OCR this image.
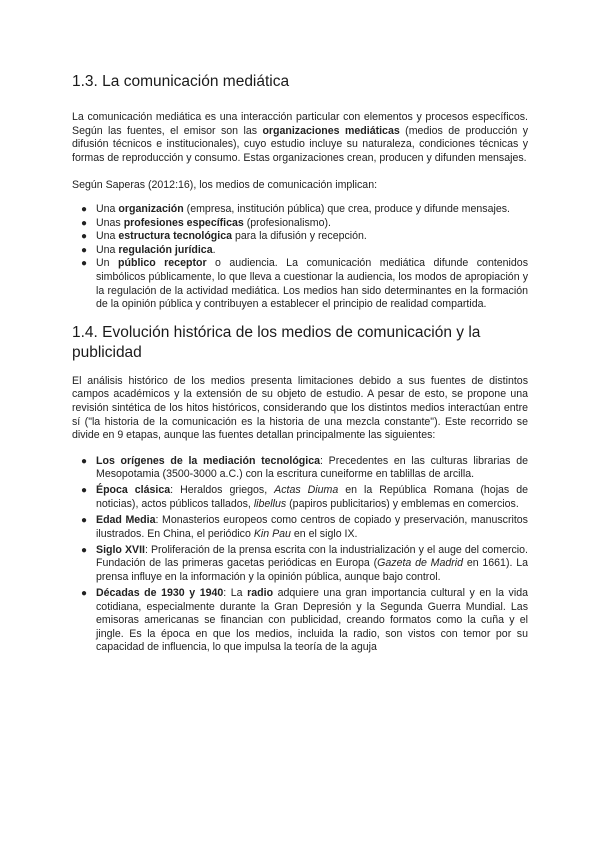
1.3. La comunicación mediática

La comunicación mediática es una interacción particular con elementos y procesos específicos. Según las fuentes, el emisor son las organizaciones mediáticas (medios de producción y difusión técnicos e institucionales), cuyo estudio incluye su naturaleza, condiciones técnicas y formas de reproducción y consumo. Estas organizaciones crean, producen y difunden mensajes.

Según Saperas (2012:16), los medios de comunicación implican:

● Una organización (empresa, institución pública) que crea, produce y difunde mensajes.
● Unas profesiones específicas (profesionalismo).
● Una estructura tecnológica para la difusión y recepción.
● Una regulación jurídica.
● Un público receptor o audiencia. La comunicación mediática difunde contenidos simbólicos públicamente, lo que lleva a cuestionar la audiencia, los modos de apropiación y la regulación de la actividad mediática. Los medios han sido determinantes en la formación de la opinión pública y contribuyen a establecer el principio de realidad compartida.
1.4. Evolución histórica de los medios de comunicación y la publicidad

El análisis histórico de los medios presenta limitaciones debido a sus fuentes de distintos campos académicos y la extensión de su objeto de estudio. A pesar de esto, se propone una revisión sintética de los hitos históricos, considerando que los distintos medios interactúan entre sí ("la historia de la comunicación es la historia de una mezcla constante"). Este recorrido se divide en 9 etapas, aunque las fuentes detallan principalmente las siguientes:

● Los orígenes de la mediación tecnológica: Precedentes en las culturas librarias de Mesopotamia (3500-3000 a.C.) con la escritura cuneiforme en tablillas de arcilla.
● Época clásica: Heraldos griegos, Actas Diuma en la República Romana (hojas de noticias), actos públicos tallados, libellus (papiros publicitarios) y emblemas en comercios.
● Edad Media: Monasterios europeos como centros de copiado y preservación, manuscritos ilustrados. En China, el periódico Kin Pau en el siglo IX.
● Siglo XVII: Proliferación de la prensa escrita con la industrialización y el auge del comercio. Fundación de las primeras gacetas periódicas en Europa (Gazeta de Madrid en 1661). La prensa influye en la información y la opinión pública, aunque bajo control.
● Décadas de 1930 y 1940: La radio adquiere una gran importancia cultural y en la vida cotidiana, especialmente durante la Gran Depresión y la Segunda Guerra Mundial. Las emisoras americanas se financian con publicidad, creando formatos como la cuña y el jingle. Es la época en que los medios, incluida la radio, son vistos con temor por su capacidad de influencia, lo que impulsa la teoría de la aguja
